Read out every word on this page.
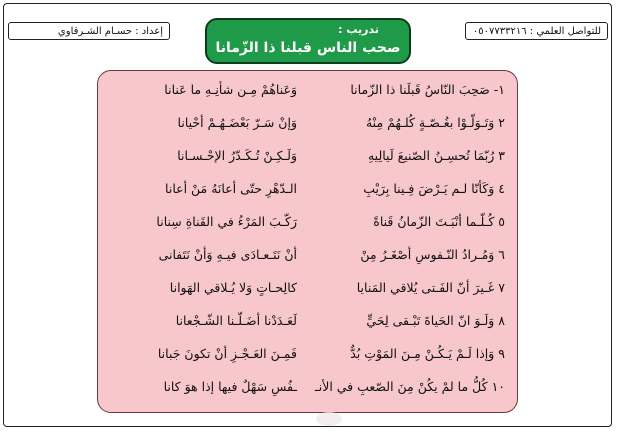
للتواصل العلمي : ٠٥٠٧٧٣٣٢١٦
إعداد : حسـام الشـرقاوي	تدريب :
صحب الناس قبلنا ذا الزّمانا
١- صَحِبَ النّاسُ قَبلَنا ذا الزّمانا
وَعَناهُمْ مِـن شأنِـهِ ما عَنانا
٢ وَتَـوَلّـوْا بغُـصّـةٍ كُلـهُمْ مِنْهُ
وَإنْ سَـرّ بَعْضَـهُـمْ أحْيانا
٣ رُبّمَا تُحسِـنُ الصّنيعَ لَيالِيهِ
وَلَـكِـنْ تُـكَـدّرُ الإحْـسـانا
٤ وَكَأنّا لـم يَـرْضَ فِـينا بِرَيْبِ
الـدّهْرِ حتّى أعانَهُ مَنْ أعانا
٥ كُـلّـما أنْبَـتَ الزّمانُ قَناةً
رَكّـبَ المَرْءُ في القَناةِ سِنانا
٦ وَمُـرادُ النّـفوسِ أصْغَـرُ مِنْ
أنْ نَتَـعـادَى فيـهِ وَأنْ نَتَفانى
٧ غَـيرَ أنّ الفَـتى يُلاقي المَنايا
كالِحـاتٍ وَلا يُـلاقي الهَوانا
٨ وَلَـوَ انّ الحَياةَ تَبْـقى لِحَيٍّ
لَعَـدَدْنا أضَـلّـنا الشّـجْعانا
٩ وَإذا لَـمْ يَـكُـنْ مِـنَ المَوْتِ بُدٌّ
فَمِـنَ العَـجْـزِ أنْ تكونَ جَبانا
١٠ كُلُّ ما لمْ يكُنْ مِنَ الصّعبِ في الأنـ
ـفُسِ سَهْلٌ فيها إذا هوَ كانا
